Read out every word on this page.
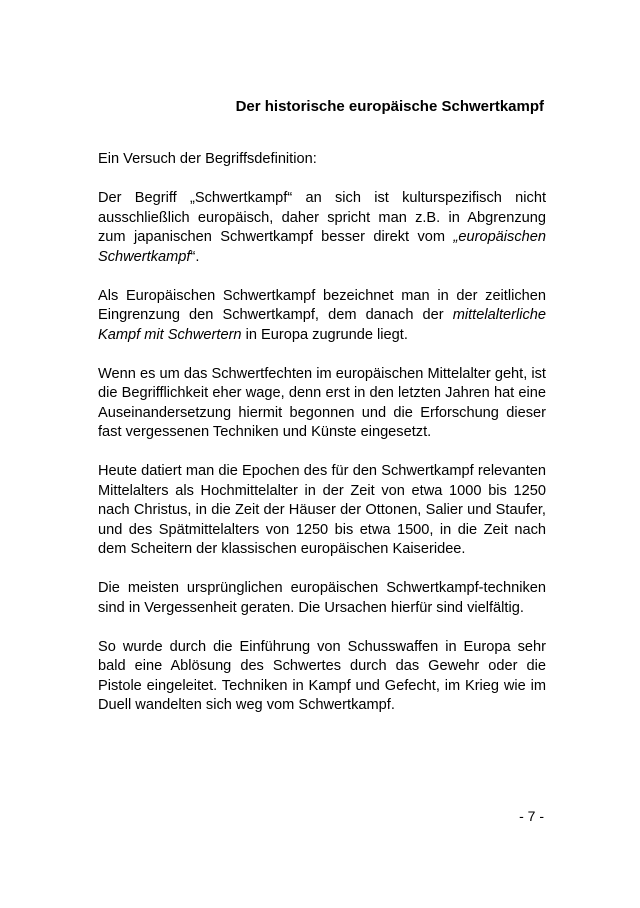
Der historische europäische Schwertkampf

Ein Versuch der Begriffsdefinition:

Der Begriff „Schwertkampf“ an sich ist kulturspezifisch nicht ausschließlich europäisch, daher spricht man z.B. in Abgrenzung zum japanischen Schwertkampf besser direkt vom „europäischen Schwertkampf“.

Als Europäischen Schwertkampf bezeichnet man in der zeitlichen Eingrenzung den Schwertkampf, dem danach der mittelalterliche Kampf mit Schwertern in Europa zugrunde liegt.

Wenn es um das Schwertfechten im europäischen Mittelalter geht, ist die Begrifflichkeit eher wage, denn erst in den letzten Jahren hat eine Auseinandersetzung hiermit begonnen und die Erforschung dieser fast vergessenen Techniken und Künste eingesetzt.

Heute datiert man die Epochen des für den Schwertkampf relevanten Mittelalters als Hochmittelalter in der Zeit von etwa 1000 bis 1250 nach Christus, in die Zeit der Häuser der Ottonen, Salier und Staufer, und des Spätmittelalters von 1250 bis etwa 1500, in die Zeit nach dem Scheitern der klassischen europäischen Kaiseridee.

Die meisten ursprünglichen europäischen Schwertkampf-techniken sind in Vergessenheit geraten. Die Ursachen hierfür sind vielfältig.

So wurde durch die Einführung von Schusswaffen in Europa sehr bald eine Ablösung des Schwertes durch das Gewehr oder die Pistole eingeleitet. Techniken in Kampf und Gefecht, im Krieg wie im Duell wandelten sich weg vom Schwertkampf.

- 7 -
